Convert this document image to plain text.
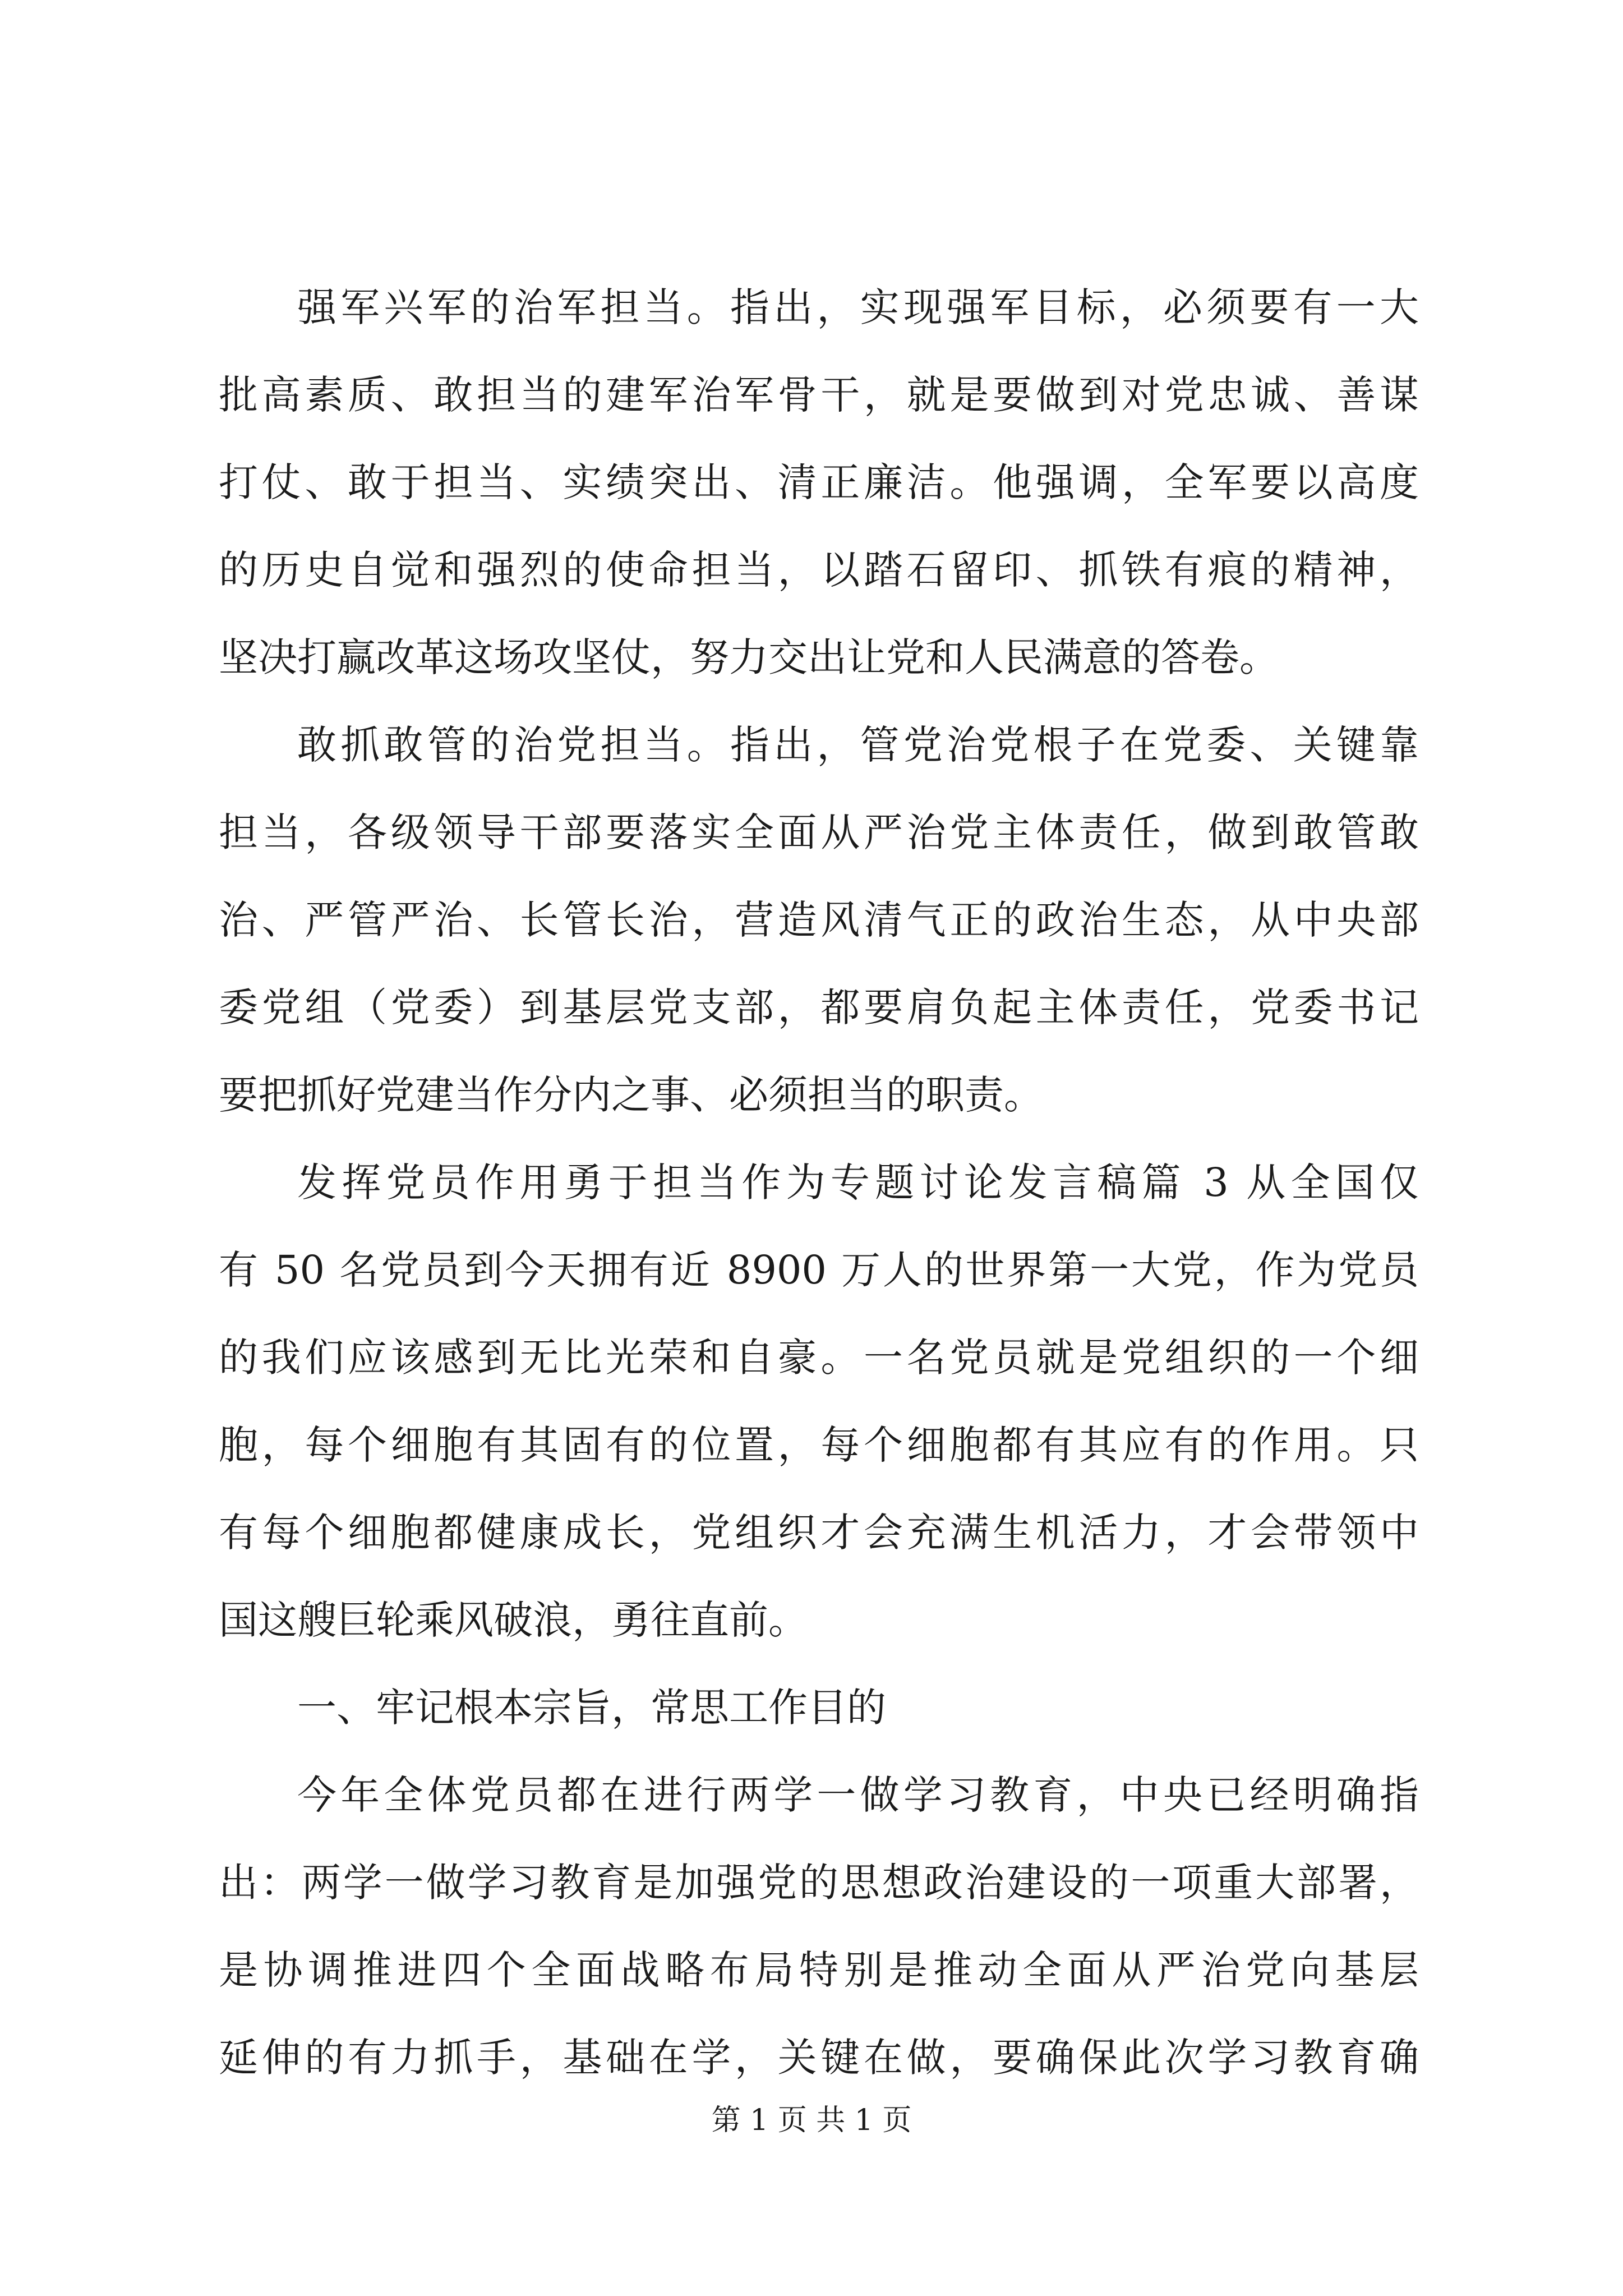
强军兴军的治军担当。指出，实现强军目标，必须要有一大
批高素质、敢担当的建军治军骨干，就是要做到对党忠诚、善谋
打仗、敢于担当、实绩突出、清正廉洁。他强调，全军要以高度
的历史自觉和强烈的使命担当，以踏石留印、抓铁有痕的精神，
坚决打赢改革这场攻坚仗，努力交出让党和人民满意的答卷。
敢抓敢管的治党担当。指出，管党治党根子在党委、关键靠
担当，各级领导干部要落实全面从严治党主体责任，做到敢管敢
治、严管严治、长管长治，营造风清气正的政治生态，从中央部
委党组（党委）到基层党支部，都要肩负起主体责任，党委书记
要把抓好党建当作分内之事、必须担当的职责。
发挥党员作用勇于担当作为专题讨论发言稿篇 3 从全国仅
有 50 名党员到今天拥有近 8900 万人的世界第一大党，作为党员
的我们应该感到无比光荣和自豪。一名党员就是党组织的一个细
胞，每个细胞有其固有的位置，每个细胞都有其应有的作用。只
有每个细胞都健康成长，党组织才会充满生机活力，才会带领中
国这艘巨轮乘风破浪，勇往直前。
一、牢记根本宗旨，常思工作目的
今年全体党员都在进行两学一做学习教育，中央已经明确指
出：两学一做学习教育是加强党的思想政治建设的一项重大部署，
是协调推进四个全面战略布局特别是推动全面从严治党向基层
延伸的有力抓手，基础在学，关键在做，要确保此次学习教育确
第 1 页 共 1 页
